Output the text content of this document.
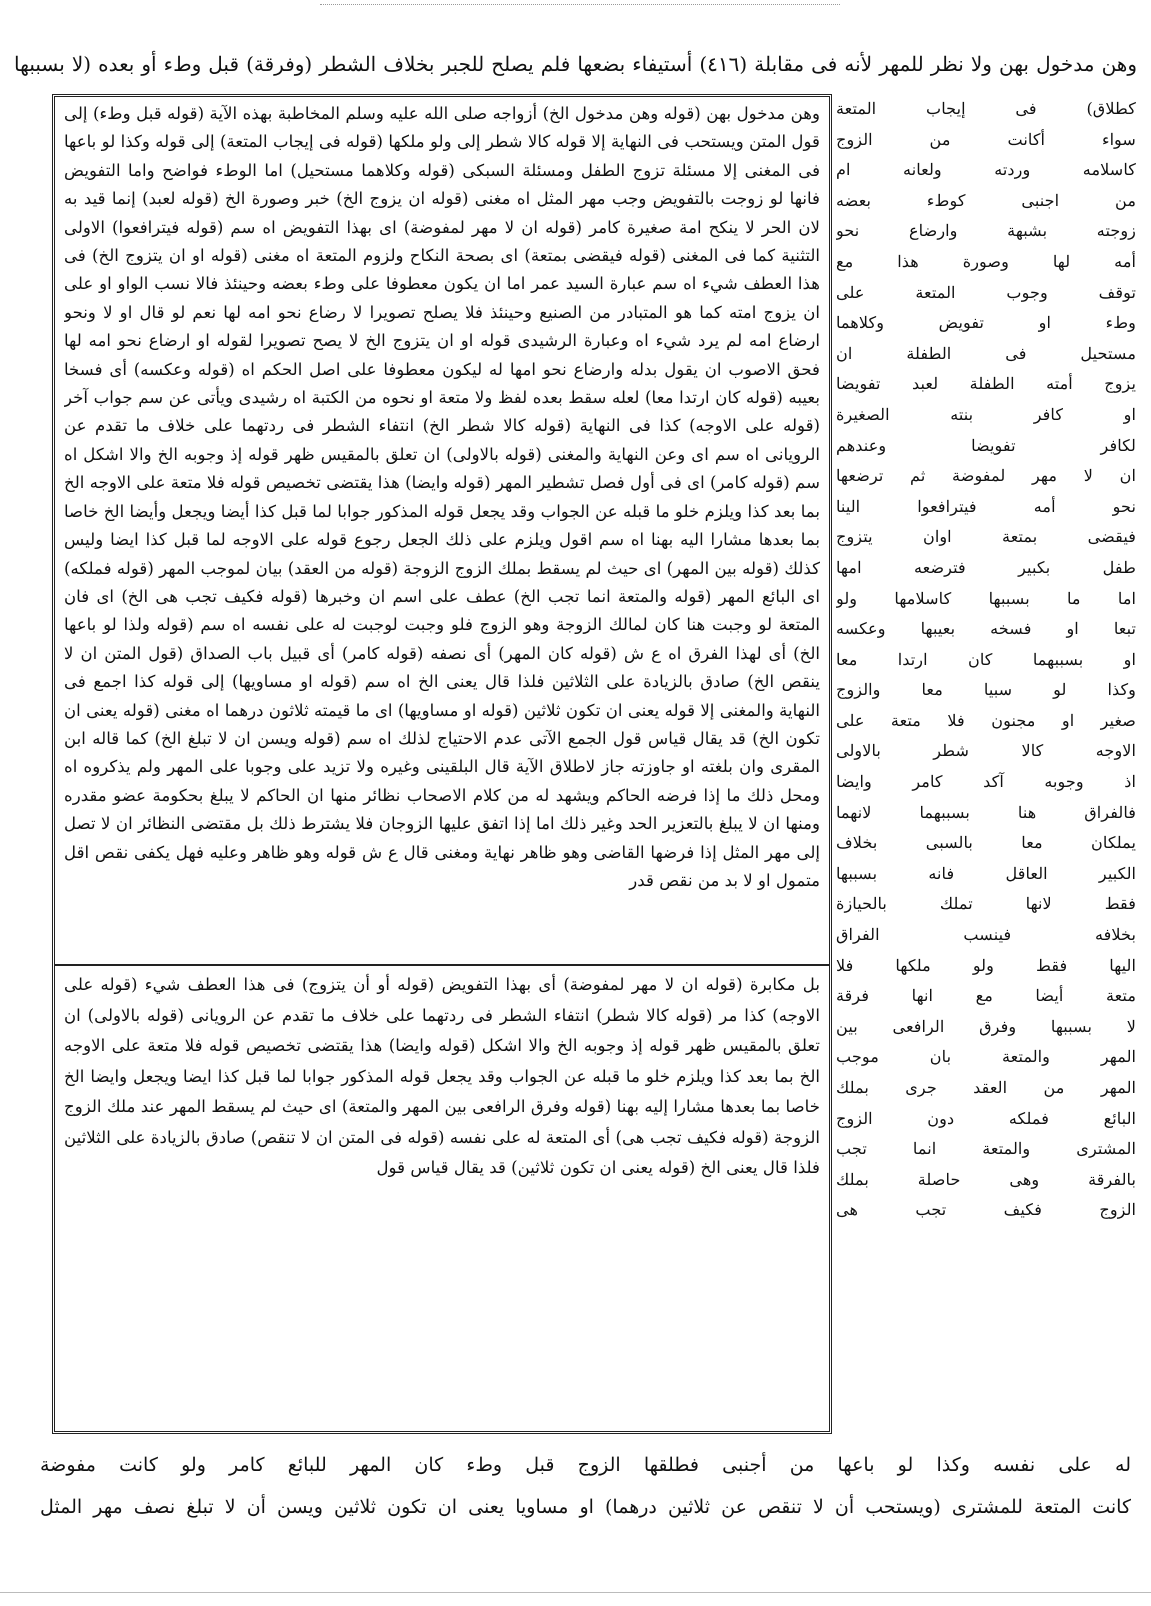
وهن مدخول بهن ولا نظر للمهر لأنه فى مقابلة (٤١٦) أستيفاء بضعها فلم يصلح للجبر بخلاف الشطر (وفرقة) قبل وطء أو بعده (لا بسببها

وهن مدخول بهن (قوله وهن مدخول الخ) أزواجه صلى الله عليه وسلم المخاطبة بهذه الآية (قوله قبل وطء) إلى قول المتن ويستحب فى النهاية إلا قوله كالا شطر إلى ولو ملكها (قوله فى إيجاب المتعة) إلى قوله وكذا لو باعها فى المغنى إلا مسئلة تزوج الطفل ومسئلة السبكى (قوله وكلاهما مستحيل) اما الوطء فواضح واما التفويض فانها لو زوجت بالتفويض وجب مهر المثل اه مغنى (قوله ان يزوج الخ) خبر وصورة الخ (قوله لعبد) إنما قيد به لان الحر لا ينكح امة صغيرة كامر (قوله ان لا مهر لمفوضة) اى بهذا التفويض اه سم (قوله فيترافعوا) الاولى التثنية كما فى المغنى (قوله فيقضى بمتعة) اى بصحة النكاح ولزوم المتعة اه مغنى (قوله او ان يتزوج الخ) فى هذا العطف شيء اه سم عبارة السيد عمر اما ان يكون معطوفا على وطء بعضه وحينئذ فالا نسب الواو او على ان يزوج امته كما هو المتبادر من الصنيع وحينئذ فلا يصلح تصويرا لا رضاع نحو امه لها نعم لو قال او لا ونحو ارضاع امه لم يرد شيء اه وعبارة الرشيدى قوله او ان يتزوج الخ لا يصح تصويرا لقوله او ارضاع نحو امه لها فحق الاصوب ان يقول بدله وارضاع نحو امها له ليكون معطوفا على اصل الحكم اه (قوله وعكسه) أى فسخا بعيبه (قوله كان ارتدا معا) لعله سقط بعده لفظ ولا متعة او نحوه من الكتبة اه رشيدى ويأتى عن سم جواب آخر (قوله على الاوجه) كذا فى النهاية (قوله كالا شطر الخ) انتفاء الشطر فى ردتهما على خلاف ما تقدم عن الرويانى اه سم اى وعن النهاية والمغنى (قوله بالاولى) ان تعلق بالمقيس ظهر قوله إذ وجوبه الخ والا اشكل اه سم (قوله كامر) اى فى أول فصل تشطير المهر (قوله وايضا) هذا يقتضى تخصيص قوله فلا متعة على الاوجه الخ بما بعد كذا ويلزم خلو ما قبله عن الجواب وقد يجعل قوله المذكور جوابا لما قبل كذا أيضا ويجعل وأيضا الخ خاصا بما بعدها مشارا اليه بهنا اه سم اقول ويلزم على ذلك الجعل رجوع قوله على الاوجه لما قبل كذا ايضا وليس كذلك (قوله بين المهر) اى حيث لم يسقط بملك الزوج الزوجة (قوله من العقد) بيان لموجب المهر (قوله فملكه) اى البائع المهر (قوله والمتعة انما تجب الخ) عطف على اسم ان وخبرها (قوله فكيف تجب هى الخ) اى فان المتعة لو وجبت هنا كان لمالك الزوجة وهو الزوج فلو وجبت لوجبت له على نفسه اه سم (قوله ولذا لو باعها الخ) أى لهذا الفرق اه ع ش (قوله كان المهر) أى نصفه (قوله كامر) أى قبيل باب الصداق (قول المتن ان لا ينقص الخ) صادق بالزيادة على الثلاثين فلذا قال يعنى الخ اه سم (قوله او مساويها) إلى قوله كذا اجمع فى النهاية والمغنى إلا قوله يعنى ان تكون ثلاثين (قوله او مساويها) اى ما قيمته ثلاثون درهما اه مغنى (قوله يعنى ان تكون الخ) قد يقال قياس قول الجمع الآتى عدم الاحتياج لذلك اه سم (قوله ويسن ان لا تبلغ الخ) كما قاله ابن المقرى وان بلغته او جاوزته جاز لاطلاق الآية قال البلقينى وغيره ولا تزيد على وجوبا على المهر ولم يذكروه اه ومحل ذلك ما إذا فرضه الحاكم ويشهد له من كلام الاصحاب نظائر منها ان الحاكم لا يبلغ بحكومة عضو مقدره ومنها ان لا يبلغ بالتعزير الحد وغير ذلك اما إذا اتفق عليها الزوجان فلا يشترط ذلك بل مقتضى النظائر ان لا تصل إلى مهر المثل إذا فرضها القاضى وهو ظاهر نهاية ومغنى قال ع ش قوله وهو ظاهر وعليه فهل يكفى نقص اقل متمول او لا بد من نقص قدر

بل مكابرة (قوله ان لا مهر لمفوضة) أى بهذا التفويض (قوله أو أن يتزوج) فى هذا العطف شيء (قوله على الاوجه) كذا مر (قوله كالا شطر) انتفاء الشطر فى ردتهما على خلاف ما تقدم عن الرويانى (قوله بالاولى) ان تعلق بالمقيس ظهر قوله إذ وجوبه الخ والا اشكل (قوله وايضا) هذا يقتضى تخصيص قوله فلا متعة على الاوجه الخ بما بعد كذا ويلزم خلو ما قبله عن الجواب وقد يجعل قوله المذكور جوابا لما قبل كذا ايضا ويجعل وايضا الخ خاصا بما بعدها مشارا إليه بهنا (قوله وفرق الرافعى بين المهر والمتعة) اى حيث لم يسقط المهر عند ملك الزوج الزوجة (قوله فكيف تجب هى) أى المتعة له على نفسه (قوله فى المتن ان لا تنقص) صادق بالزيادة على الثلاثين فلذا قال يعنى الخ (قوله يعنى ان تكون ثلاثين) قد يقال قياس قول

كطلاق) فى إيجاب المتعة
سواء أكانت من الزوج
كاسلامه وردته ولعانه ام
من اجنبى كوطء بعضه
زوجته بشبهة وارضاع نحو
أمه لها وصورة هذا مع
توقف وجوب المتعة على
وطء او تفويض وكلاهما
مستحيل فى الطفلة ان
يزوج أمته الطفلة لعبد تفويضا
او كافر بنته الصغيرة
لكافر تفويضا وعندهم
ان لا مهر لمفوضة ثم ترضعها
نحو أمه فيترافعوا الينا
فيقضى بمتعة اوان يتزوج
طفل بكبير فترضعه امها
اما ما بسببها كاسلامها ولو
تبعا او فسخه بعيبها وعكسه
او بسببهما كان ارتدا معا
وكذا لو سبيا معا والزوج
صغير او مجنون فلا متعة على
الاوجه كالا شطر بالاولى
اذ وجوبه آكد كامر وايضا
فالفراق هنا بسببهما لانهما
يملكان معا بالسبى بخلاف
الكبير العاقل فانه بسببها
فقط لانها تملك بالحيازة
بخلافه فينسب الفراق
اليها فقط ولو ملكها فلا
متعة أيضا مع انها فرقة
لا بسببها وفرق الرافعى بين
المهر والمتعة بان موجب
المهر من العقد جرى بملك
البائع فملكه دون الزوج
المشترى والمتعة انما تجب
بالفرقة وهى حاصلة بملك
الزوج فكيف تجب هى
له على نفسه وكذا لو باعها من أجنبى فطلقها الزوج قبل وطء كان المهر للبائع كامر ولو كانت مفوضة
كانت المتعة للمشترى (ويستحب أن لا تنقص عن ثلاثين درهما) او مساويا يعنى ان تكون ثلاثين ويسن أن لا تبلغ نصف مهر المثل
